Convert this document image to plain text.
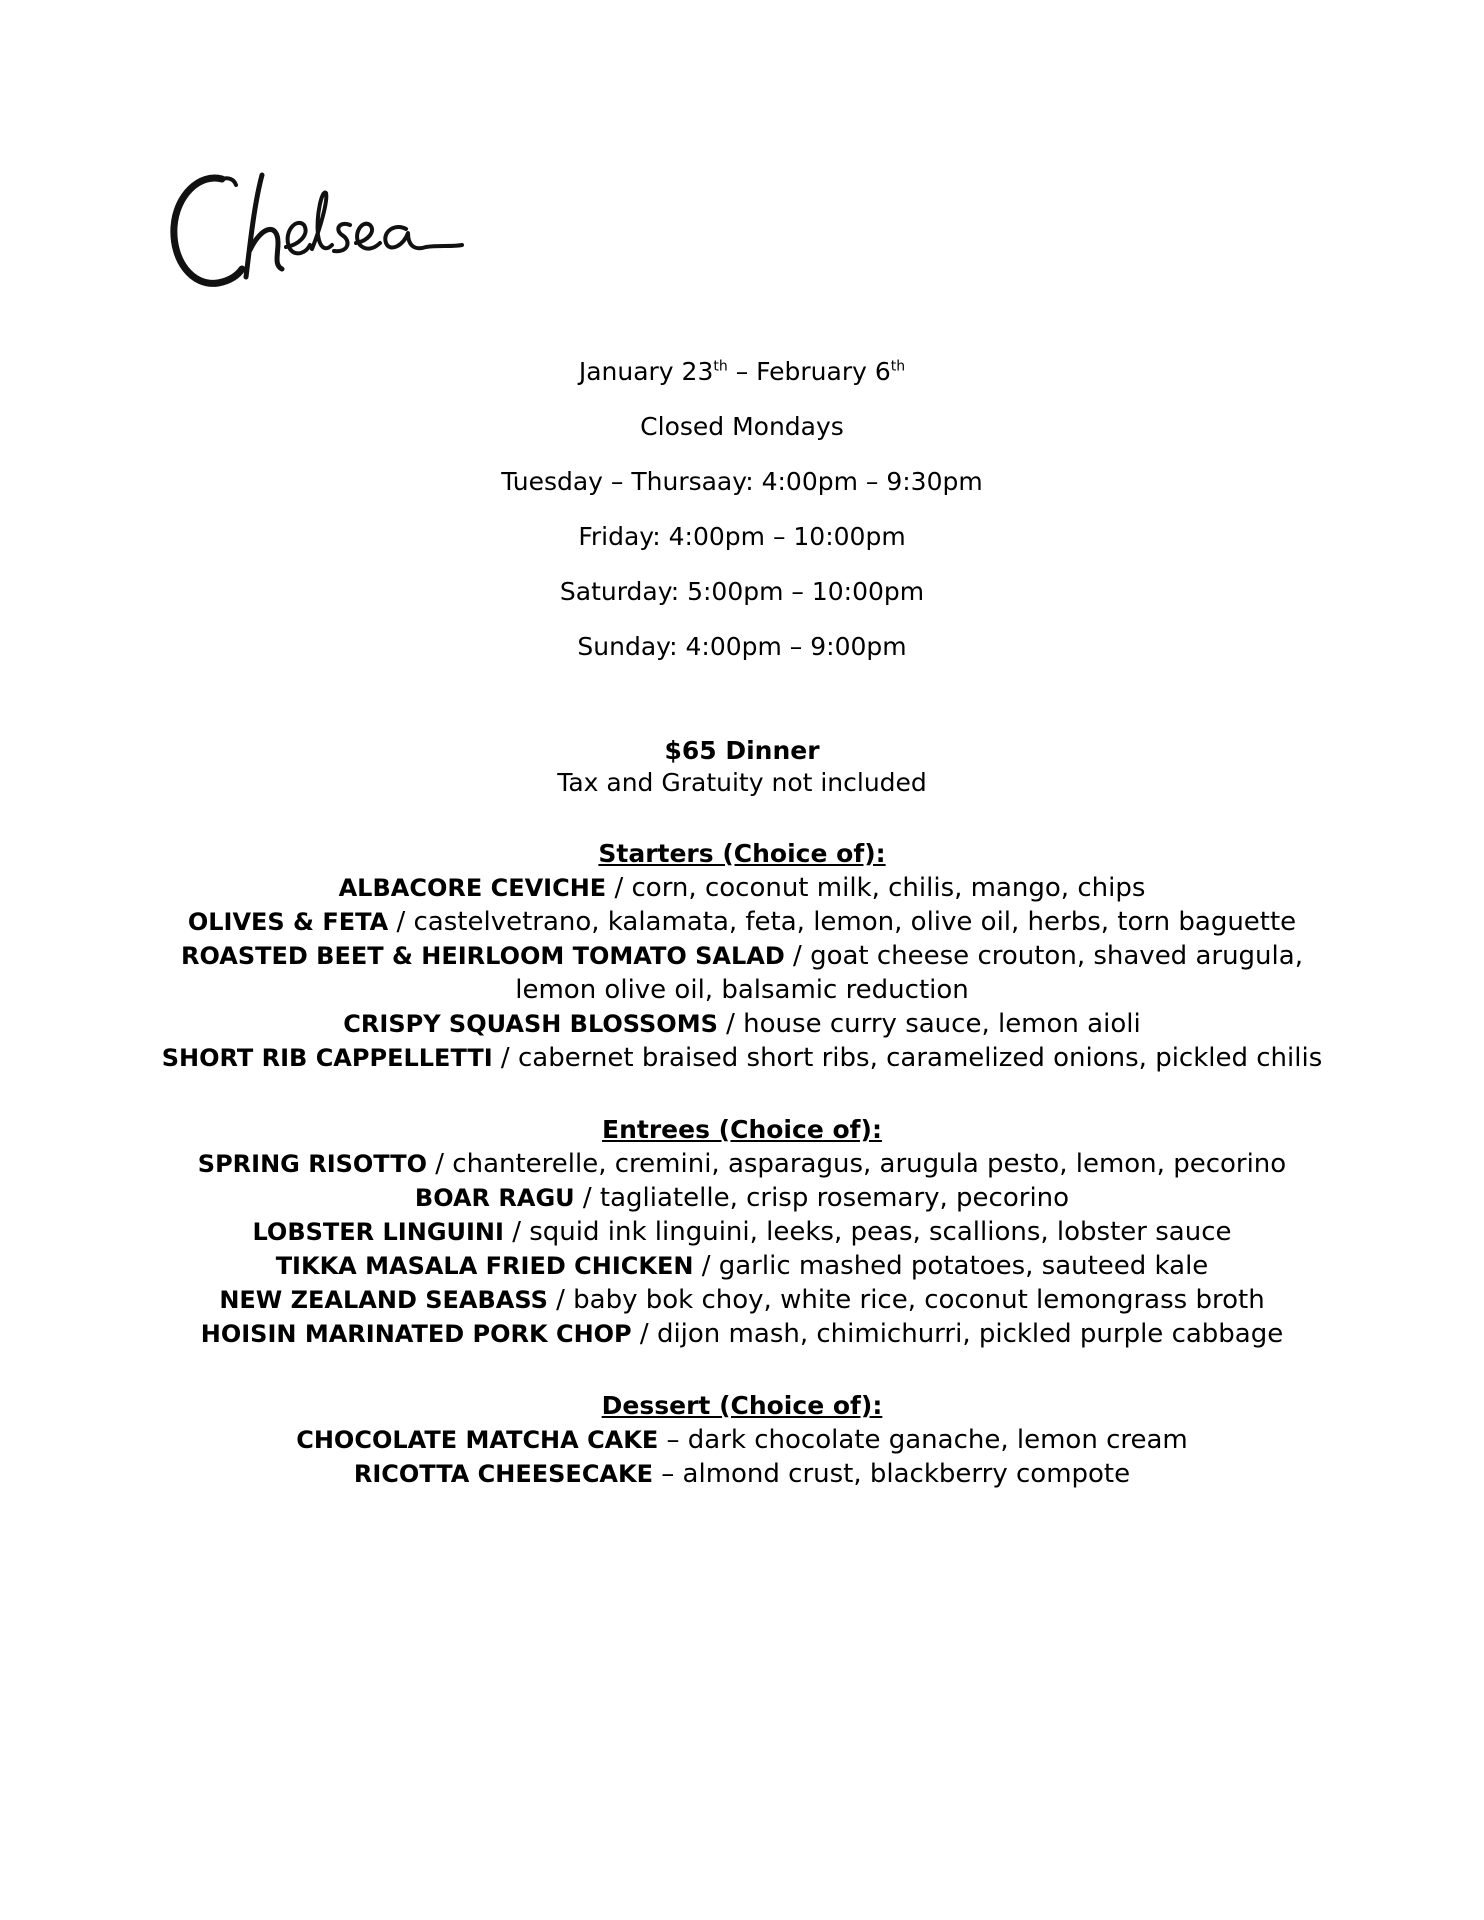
January 23th – February 6th
Closed Mondays
Tuesday – Thursaay: 4:00pm – 9:30pm
Friday: 4:00pm – 10:00pm
Saturday: 5:00pm – 10:00pm
Sunday: 4:00pm – 9:00pm
$65 Dinner
Tax and Gratuity not included
Starters (Choice of):
ALBACORE CEVICHE / corn, coconut milk, chilis, mango, chips
OLIVES & FETA / castelvetrano, kalamata, feta, lemon, olive oil, herbs, torn baguette
ROASTED BEET & HEIRLOOM TOMATO SALAD / goat cheese crouton, shaved arugula, lemon olive oil, balsamic reduction
CRISPY SQUASH BLOSSOMS / house curry sauce, lemon aioli
SHORT RIB CAPPELLETTI / cabernet braised short ribs, caramelized onions, pickled chilis
Entrees (Choice of):
SPRING RISOTTO / chanterelle, cremini, asparagus, arugula pesto, lemon, pecorino
BOAR RAGU / tagliatelle, crisp rosemary, pecorino
LOBSTER LINGUINI / squid ink linguini, leeks, peas, scallions, lobster sauce
TIKKA MASALA FRIED CHICKEN / garlic mashed potatoes, sauteed kale
NEW ZEALAND SEABASS / baby bok choy, white rice, coconut lemongrass broth
HOISIN MARINATED PORK CHOP / dijon mash, chimichurri, pickled purple cabbage
Dessert (Choice of):
CHOCOLATE MATCHA CAKE – dark chocolate ganache, lemon cream
RICOTTA CHEESECAKE – almond crust, blackberry compote
